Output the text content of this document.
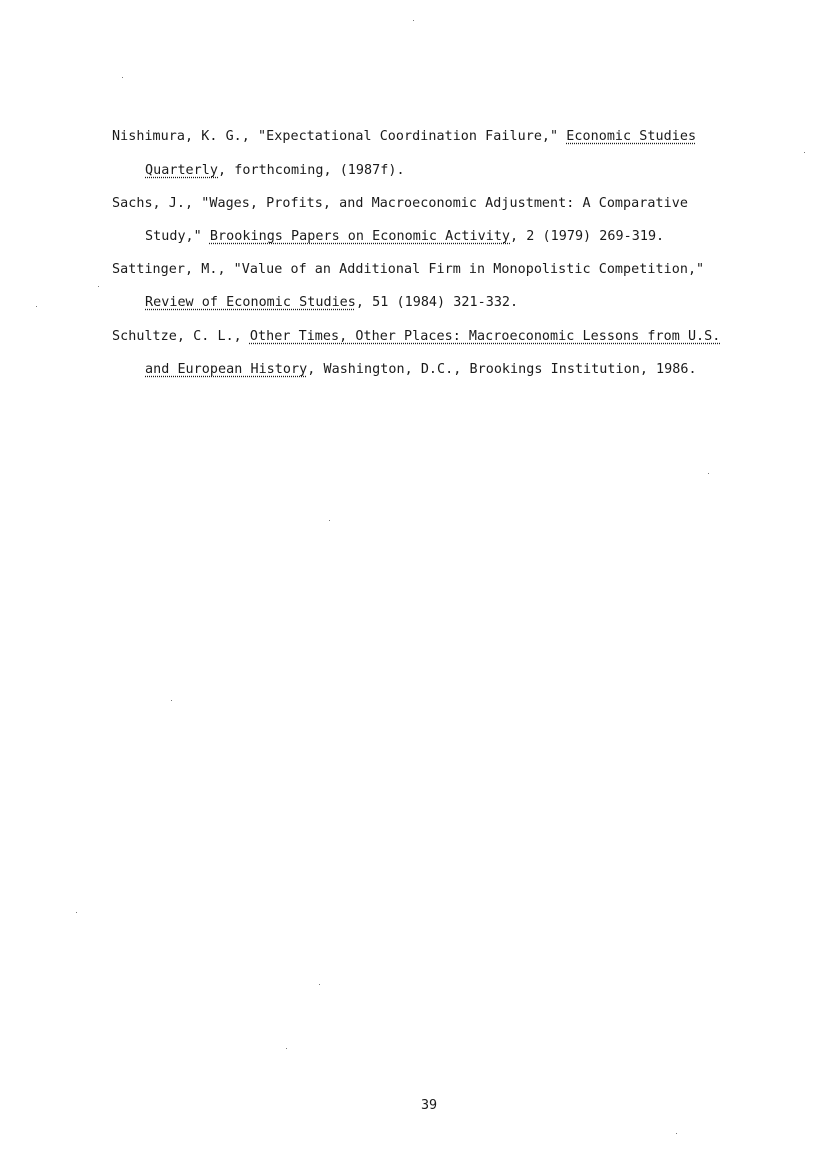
Nishimura, K. G., "Expectational Coordination Failure," Economic Studies
Quarterly, forthcoming, (1987f).
Sachs, J., "Wages, Profits, and Macroeconomic Adjustment: A Comparative
Study," Brookings Papers on Economic Activity, 2 (1979) 269-319.
Sattinger, M., "Value of an Additional Firm in Monopolistic Competition,"
Review of Economic Studies, 51 (1984) 321-332.
Schultze, C. L., Other Times, Other Places: Macroeconomic Lessons from U.S.
and European History, Washington, D.C., Brookings Institution, 1986.
39
